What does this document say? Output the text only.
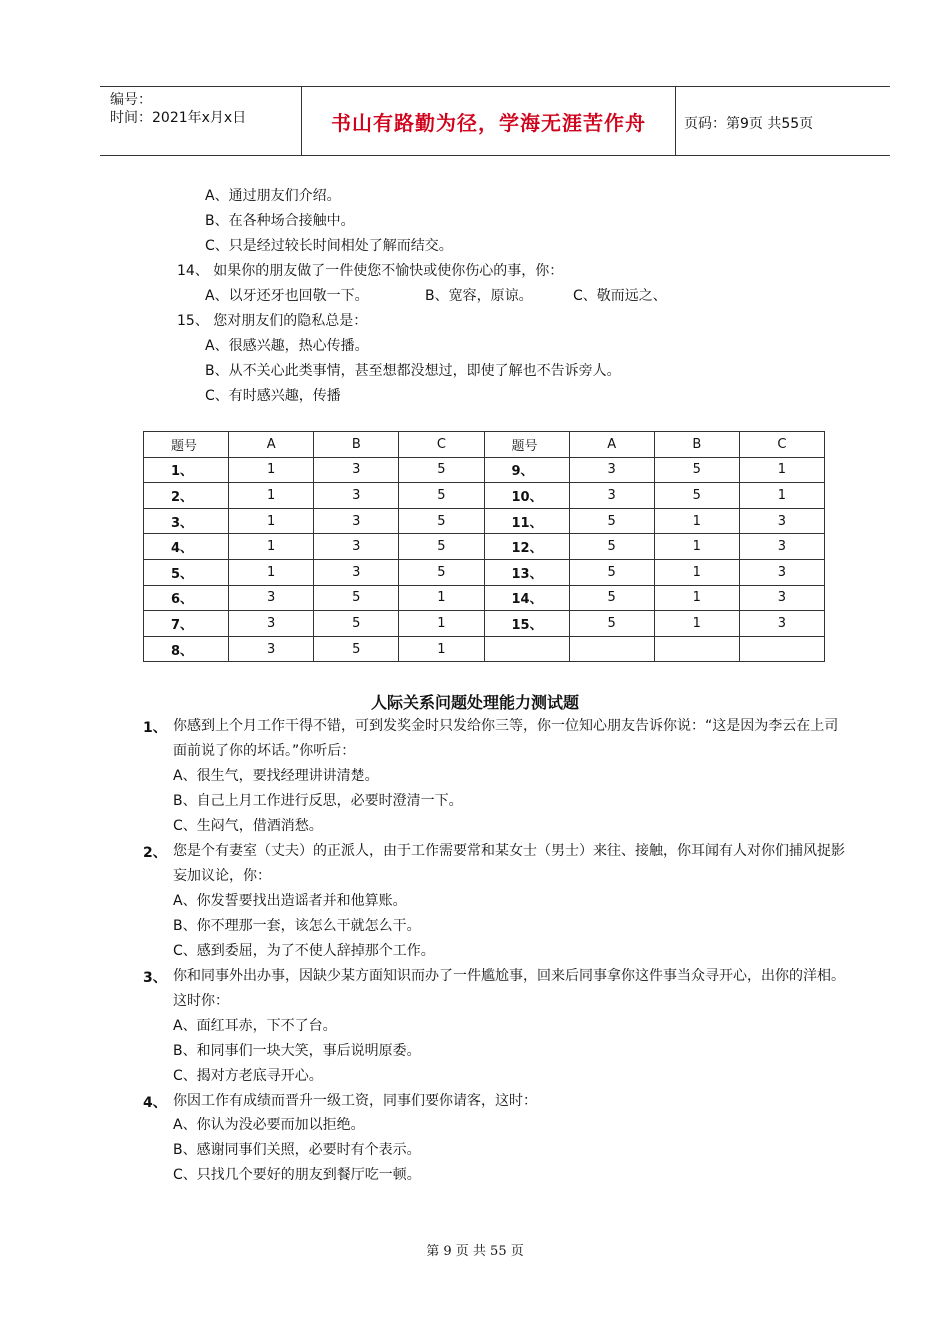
编号：
时间：2021年x月x日	书山有路勤为径，学海无涯苦作舟	页码：第9页 共55页
A、通过朋友们介绍。
B、在各种场合接触中。
C、只是经过较长时间相处了解而结交。
14、 如果你的朋友做了一件使您不愉快或使你伤心的事，你：
A、以牙还牙也回敬一下。	B、宽容，原谅。	C、敬而远之、
15、 您对朋友们的隐私总是：
A、很感兴趣，热心传播。
B、从不关心此类事情，甚至想都没想过，即使了解也不告诉旁人。
C、有时感兴趣，传播
题号	A	B	C	题号	A	B	C
1、	1	3	5	9、	3	5	1
2、	1	3	5	10、	3	5	1
3、	1	3	5	11、	5	1	3
4、	1	3	5	12、	5	1	3
5、	1	3	5	13、	5	1	3
6、	3	5	1	14、	5	1	3
7、	3	5	1	15、	5	1	3
8、	3	5	1				
人际关系问题处理能力测试题
1、 你感到上个月工作干得不错，可到发奖金时只发给你三等，你一位知心朋友告诉你说：“这是因为李云在上司面前说了你的坏话。”你听后：
A、很生气，要找经理讲讲清楚。
B、自己上月工作进行反思，必要时澄清一下。
C、生闷气，借酒消愁。
2、 您是个有妻室（丈夫）的正派人，由于工作需要常和某女士（男士）来往、接触，你耳闻有人对你们捕风捉影妄加议论，你：
A、你发誓要找出造谣者并和他算账。
B、你不理那一套，该怎么干就怎么干。
C、感到委屈，为了不使人辞掉那个工作。
3、 你和同事外出办事，因缺少某方面知识而办了一件尴尬事，回来后同事拿你这件事当众寻开心，出你的洋相。这时你：
A、面红耳赤，下不了台。
B、和同事们一块大笑，事后说明原委。
C、揭对方老底寻开心。
4、 你因工作有成绩而晋升一级工资，同事们要你请客，这时：
A、你认为没必要而加以拒绝。
B、感谢同事们关照，必要时有个表示。
C、只找几个要好的朋友到餐厅吃一顿。
第 9 页 共 55 页
